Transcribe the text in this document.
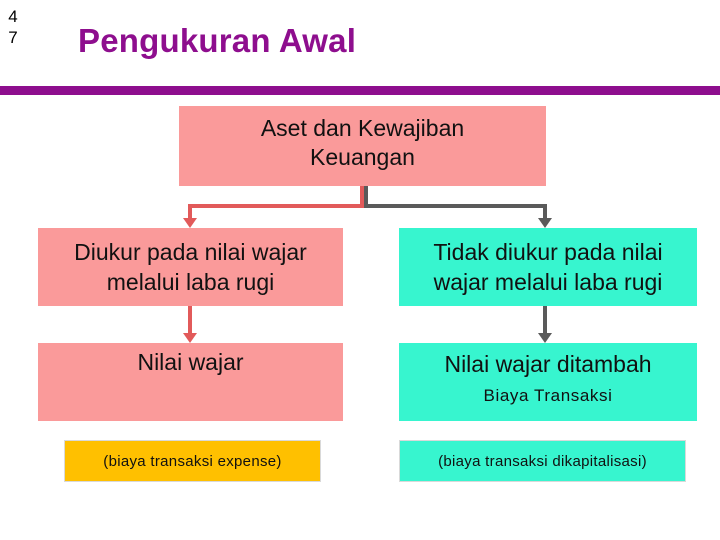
4
7 Pengukuran Awal
Aset dan Kewajiban Keuangan
Diukur pada nilai wajar melalui laba rugi
Tidak diukur pada nilai wajar melalui laba rugi
Nilai wajar	Nilai wajar ditambah
Biaya Transaksi
(biaya transaksi expense)	(biaya transaksi dikapitalisasi)
